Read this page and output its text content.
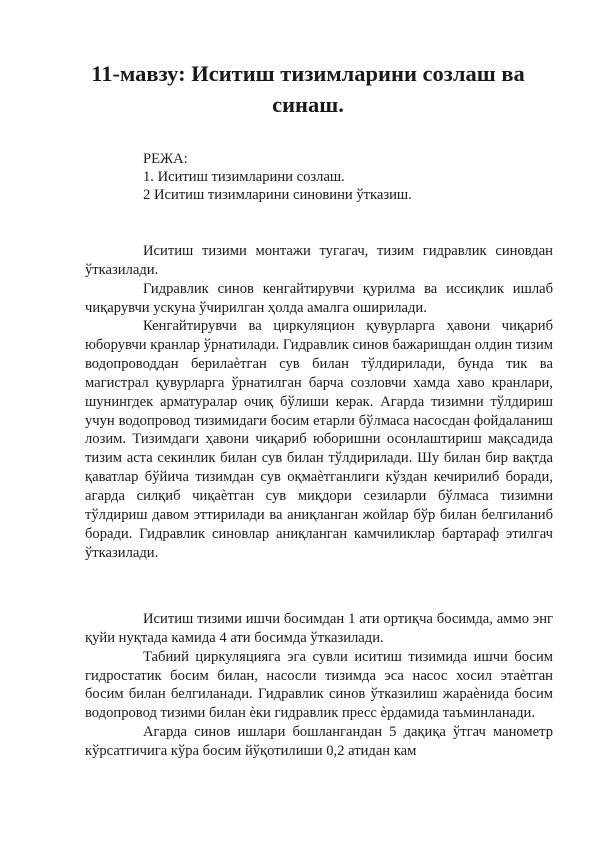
11-мавзу: Иситиш тизимларини созлаш ва синаш.
РЕЖА:
1. Иситиш тизимларини созлаш.
2 Иситиш тизимларини синовини ўтказиш.

Иситиш тизими монтажи тугагач, тизим гидравлик синовдан ўтказилади.

Гидравлик синов кенгайтирувчи қурилма ва иссиқлик ишлаб чиқарувчи ускуна ўчирилган ҳолда амалга оширилади.

Кенгайтирувчи ва циркуляцион қувурларга ҳавони чиқариб юборувчи кранлар ўрнатилади. Гидравлик синов бажаришдан олдин тизим водопроводдан берилаѐтган сув билан тўлдирилади, бунда тик ва магистрал қувурларга ўрнатилган барча созловчи хамда хаво кранлари, шунингдек арматуралар очиқ бўлиши керак. Агарда тизимни тўлдириш учун водопровод тизимидаги босим етарли бўлмаса насосдан фойдаланиш лозим. Тизимдаги ҳавони чиқариб юборишни осонлаштириш мақсадида тизим аста секинлик билан сув билан тўлдирилади. Шу билан бир вақтда қаватлар бўйича тизимдан сув оқмаѐтганлиги кўздан кечирилиб боради, агарда силқиб чиқаѐтган сув миқдори сезиларли бўлмаса тизимни тўлдириш давом эттирилади ва аниқланган жойлар бўр билан белгиланиб боради. Гидравлик синовлар аниқланган камчиликлар бартараф этилгач ўтказилади.

Иситиш тизими ишчи босимдан 1 ати ортиқча босимда, аммо энг қуйи нуқтада камида 4 ати босимда ўтказилади.

Табиий циркуляцияга эга сувли иситиш тизимида ишчи босим гидростатик босим билан, насосли тизимда эса насос хосил этаѐтган босим билан белгиланади. Гидравлик синов ўтказилиш жараѐнида босим водопровод тизими билан ѐки гидравлик пресс ѐрдамида таъминланади.

Агарда синов ишлари бошлангандан 5 дақиқа ўтгач манометр кўрсатгичига кўра босим йўқотилиши 0,2 атидан кам
